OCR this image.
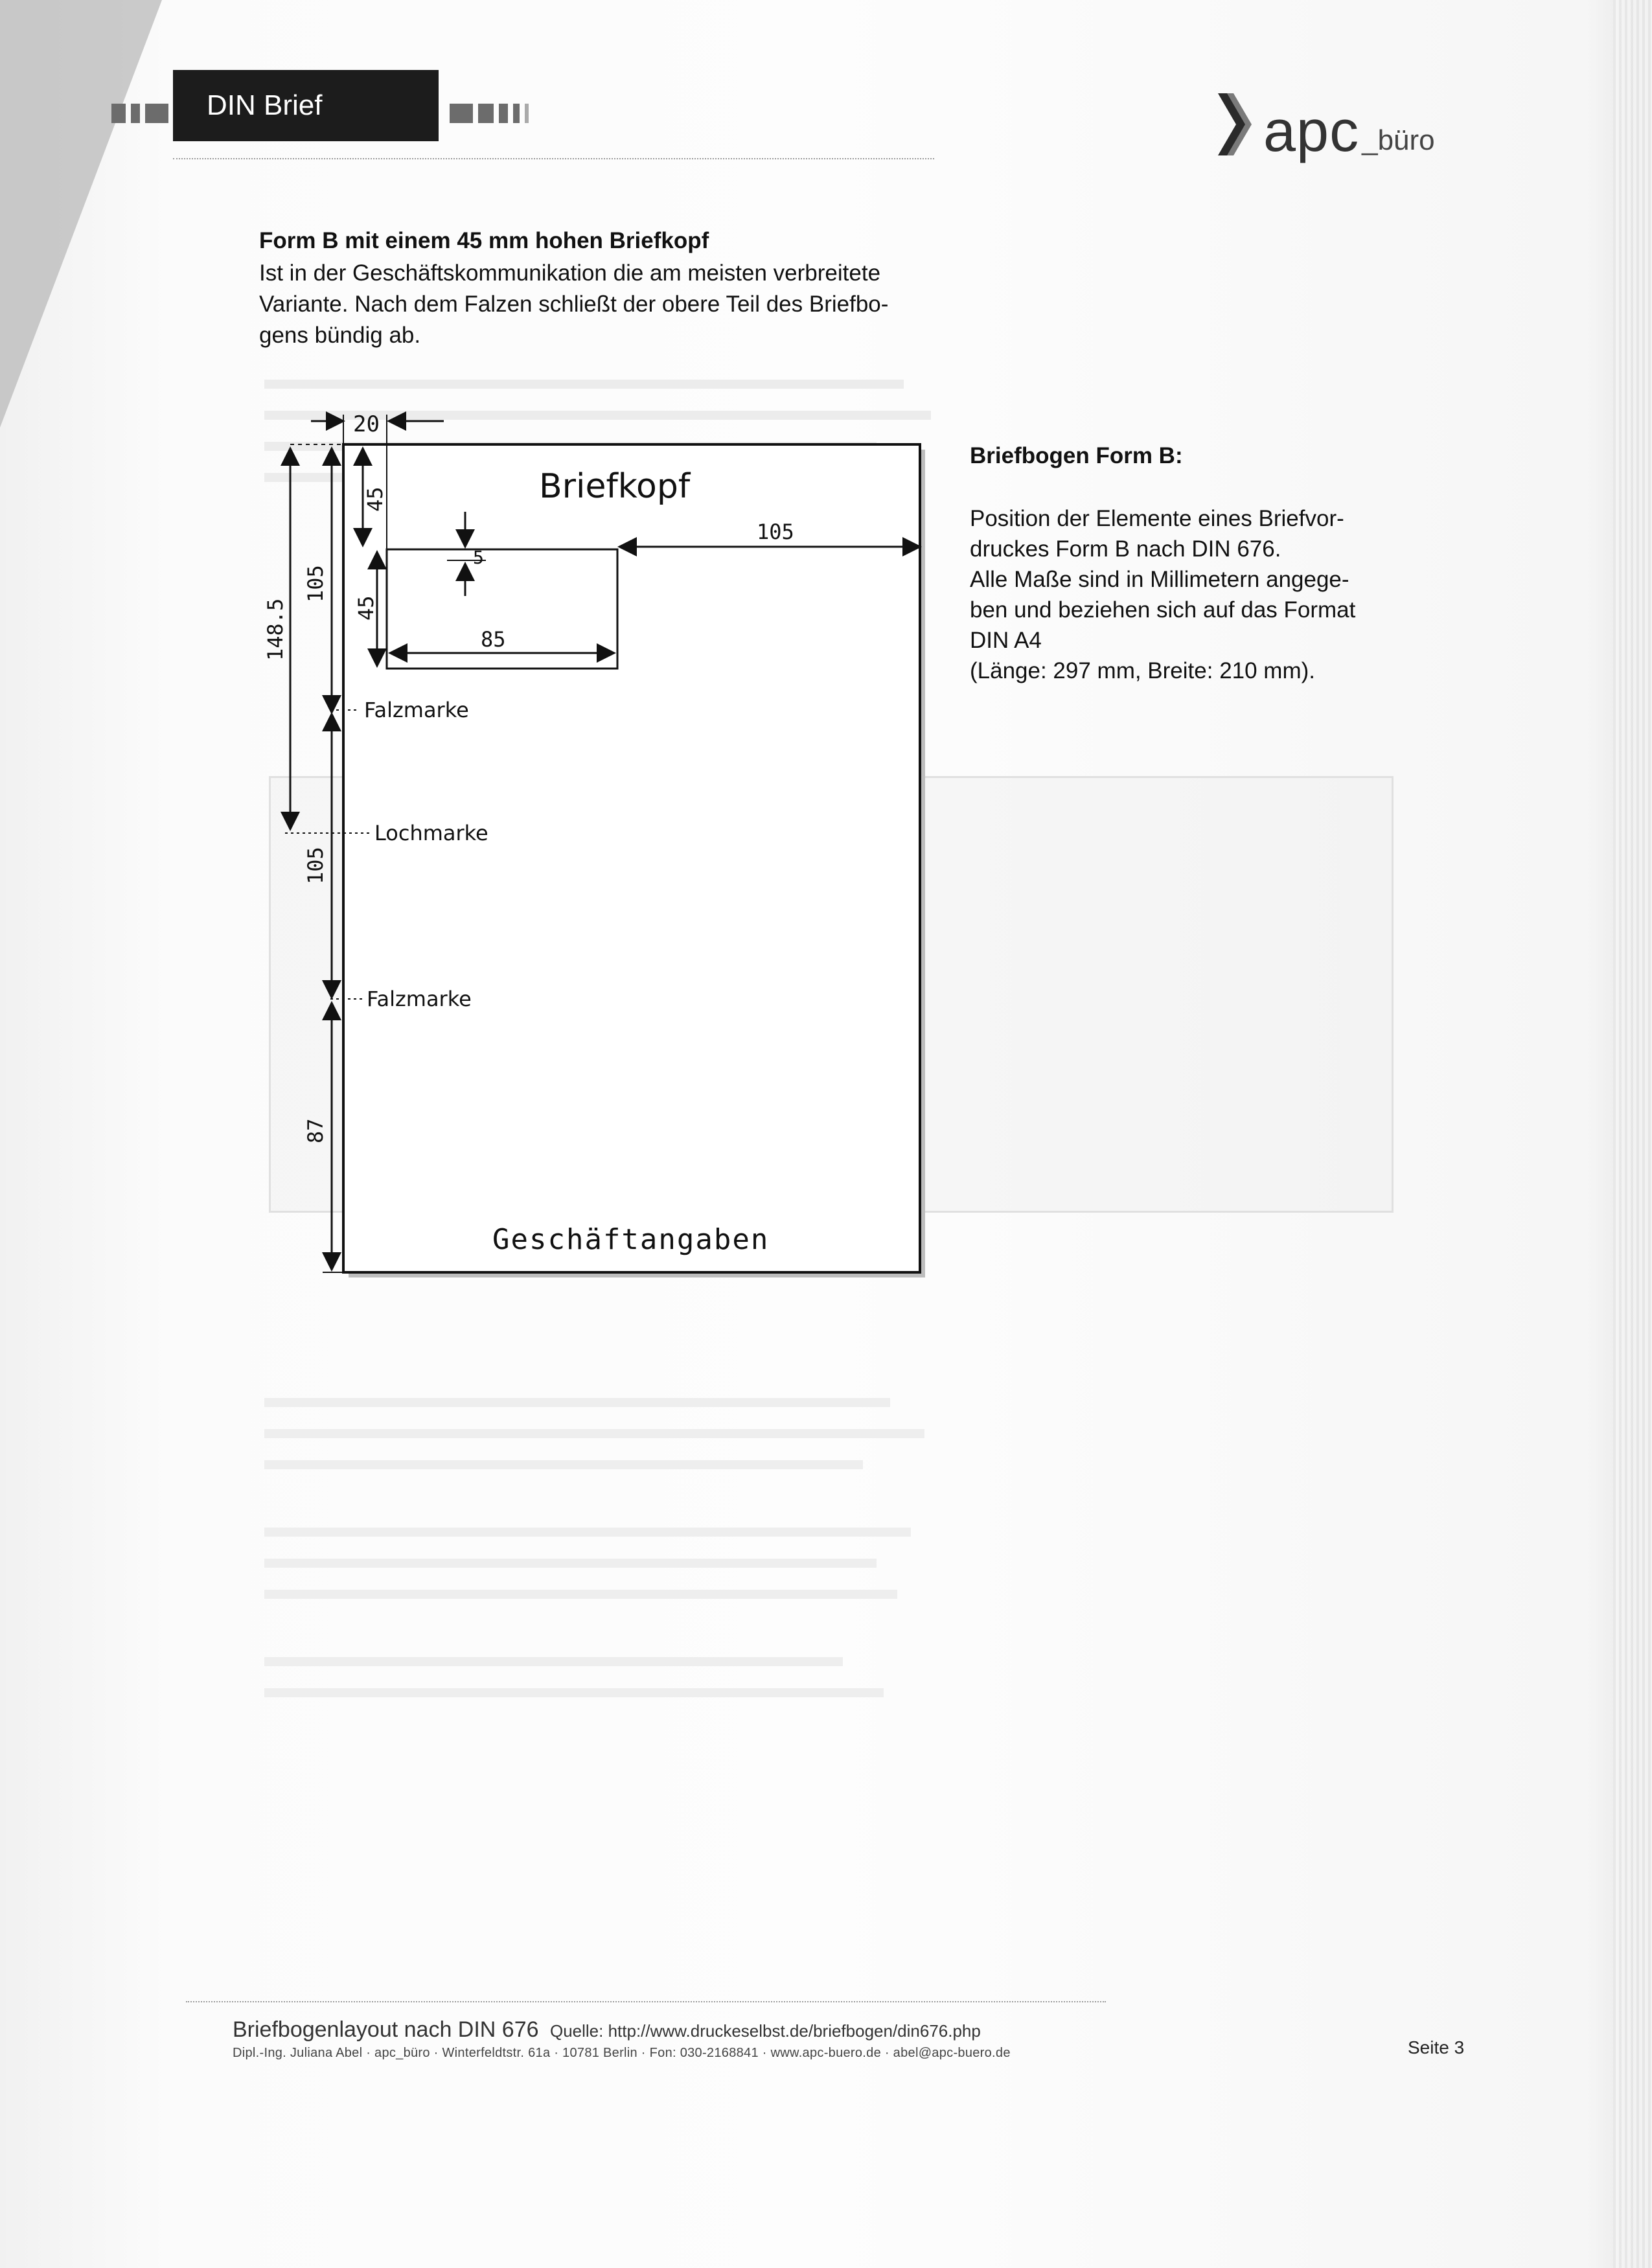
DIN Brief	apc _büro
Form B mit einem 45 mm hohen Briefkopf
Ist in der Geschäftskommunikation die am meisten verbreitete
Variante. Nach dem Falzen schließt der obere Teil des Briefbo-
gens bündig ab.
Briefkopf
20
45
105
5
45
85
105
148.5
Falzmarke
Lochmarke
105
Falzmarke
87
Geschäftangaben
Briefbogen Form B:
Position der Elemente eines Briefvor-
druckes Form B nach DIN 676.
Alle Maße sind in Millimetern angege-
ben und beziehen sich auf das Format
DIN A4
(Länge: 297 mm, Breite: 210 mm).
Briefbogenlayout nach DIN 676 Quelle: http://www.druckeselbst.de/briefbogen/din676.php
Dipl.-Ing. Juliana Abel · apc_büro · Winterfeldtstr. 61a · 10781 Berlin · Fon: 030-2168841 · www.apc-buero.de · abel@apc-buero.de	Seite 3
